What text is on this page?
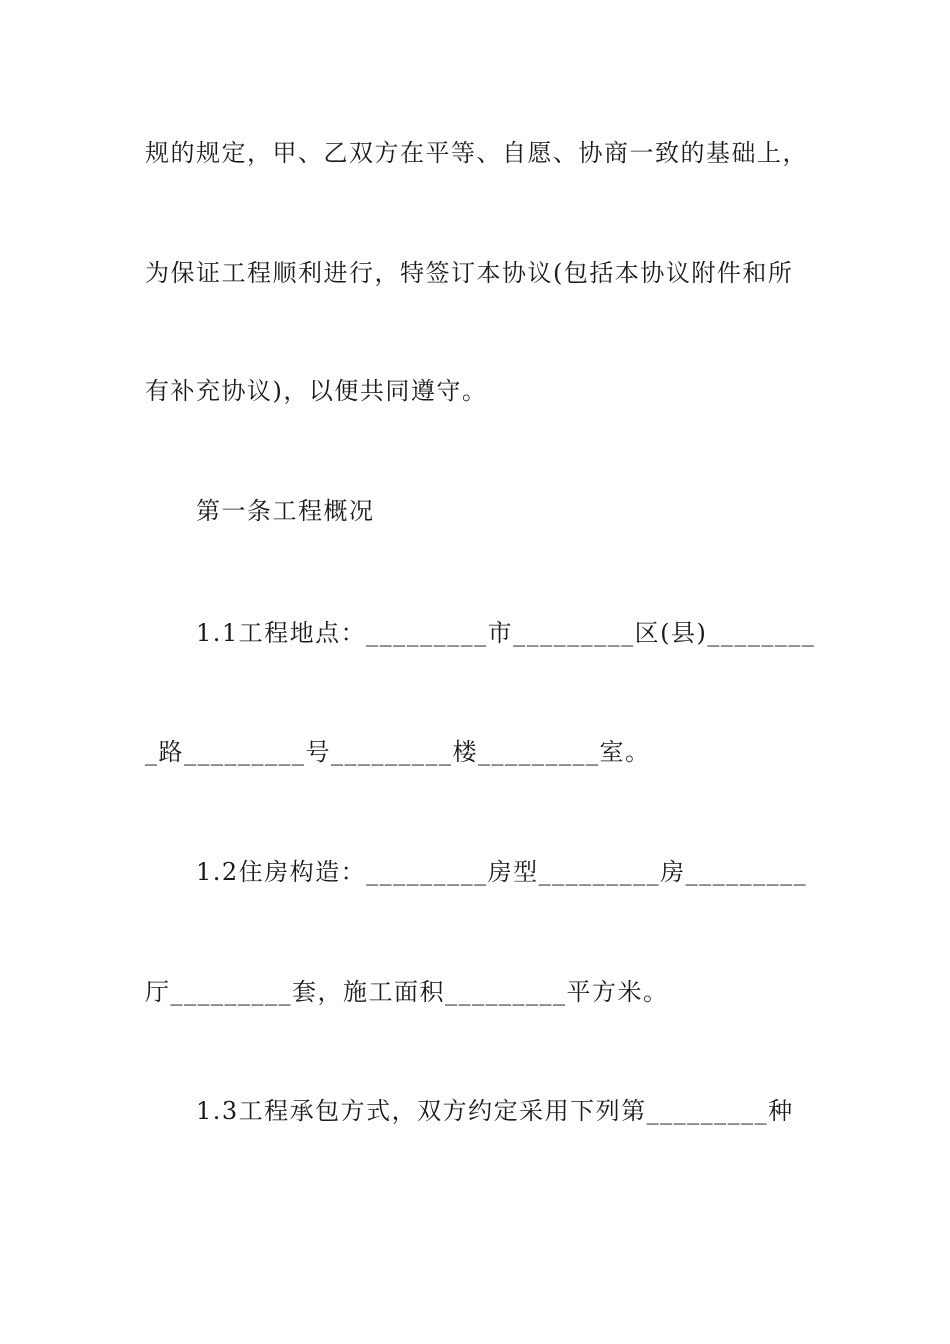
规的规定，甲、乙双方在平等、自愿、协商一致的基础上，
为保证工程顺利进行，特签订本协议(包括本协议附件和所
有补充协议)，以便共同遵守。
第一条工程概况
1.1工程地点：_________市_________区(县)________
_路_________号_________楼_________室。
1.2住房构造：_________房型_________房_________
厅_________套，施工面积_________平方米。
1.3工程承包方式，双方约定采用下列第_________种
